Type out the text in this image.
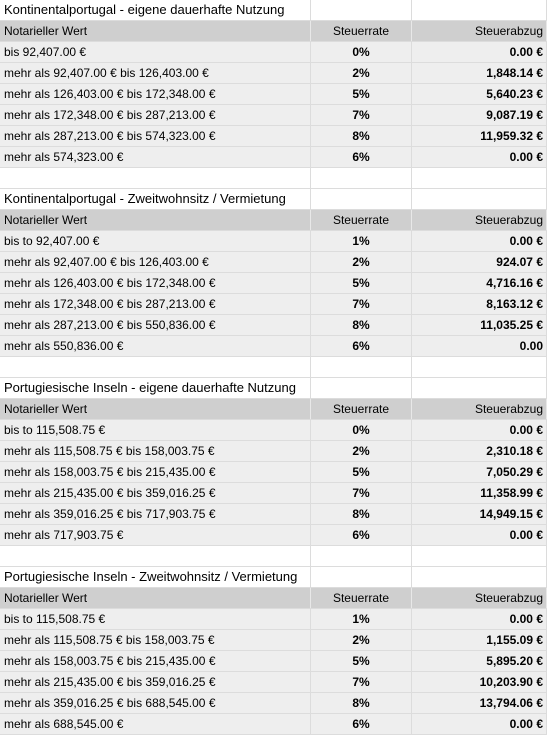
Kontinentalportugal - eigene dauerhafte Nutzung
Notarieller Wert	Steuerrate	Steuerabzug
bis 92,407.00 €	0%	0.00 €
mehr als 92,407.00 € bis 126,403.00 €	2%	1,848.14 €
mehr als 126,403.00 € bis 172,348.00 €	5%	5,640.23 €
mehr als 172,348.00 € bis 287,213.00 €	7%	9,087.19 €
mehr als 287,213.00 € bis 574,323.00 €	8%	11,959.32 €
mehr als 574,323.00 €	6%	0.00 €
Kontinentalportugal - Zweitwohnsitz / Vermietung
Notarieller Wert	Steuerrate	Steuerabzug
bis to 92,407.00 €	1%	0.00 €
mehr als 92,407.00 € bis 126,403.00 €	2%	924.07 €
mehr als 126,403.00 € bis 172,348.00 €	5%	4,716.16 €
mehr als 172,348.00 € bis 287,213.00 €	7%	8,163.12 €
mehr als 287,213.00 € bis 550,836.00 €	8%	11,035.25 €
mehr als 550,836.00 €	6%	0.00
Portugiesische Inseln - eigene dauerhafte Nutzung
Notarieller Wert	Steuerrate	Steuerabzug
bis to 115,508.75 €	0%	0.00 €
mehr als 115,508.75 € bis 158,003.75 €	2%	2,310.18 €
mehr als 158,003.75 € bis 215,435.00 €	5%	7,050.29 €
mehr als 215,435.00 € bis 359,016.25 €	7%	11,358.99 €
mehr als 359,016.25 € bis 717,903.75 €	8%	14,949.15 €
mehr als 717,903.75 €	6%	0.00 €
Portugiesische Inseln - Zweitwohnsitz / Vermietung
Notarieller Wert	Steuerrate	Steuerabzug
bis to 115,508.75 €	1%	0.00 €
mehr als 115,508.75 € bis 158,003.75 €	2%	1,155.09 €
mehr als 158,003.75 € bis 215,435.00 €	5%	5,895.20 €
mehr als 215,435.00 € bis 359,016.25 €	7%	10,203.90 €
mehr als 359,016.25 € bis 688,545.00 €	8%	13,794.06 €
mehr als 688,545.00 €	6%	0.00 €
